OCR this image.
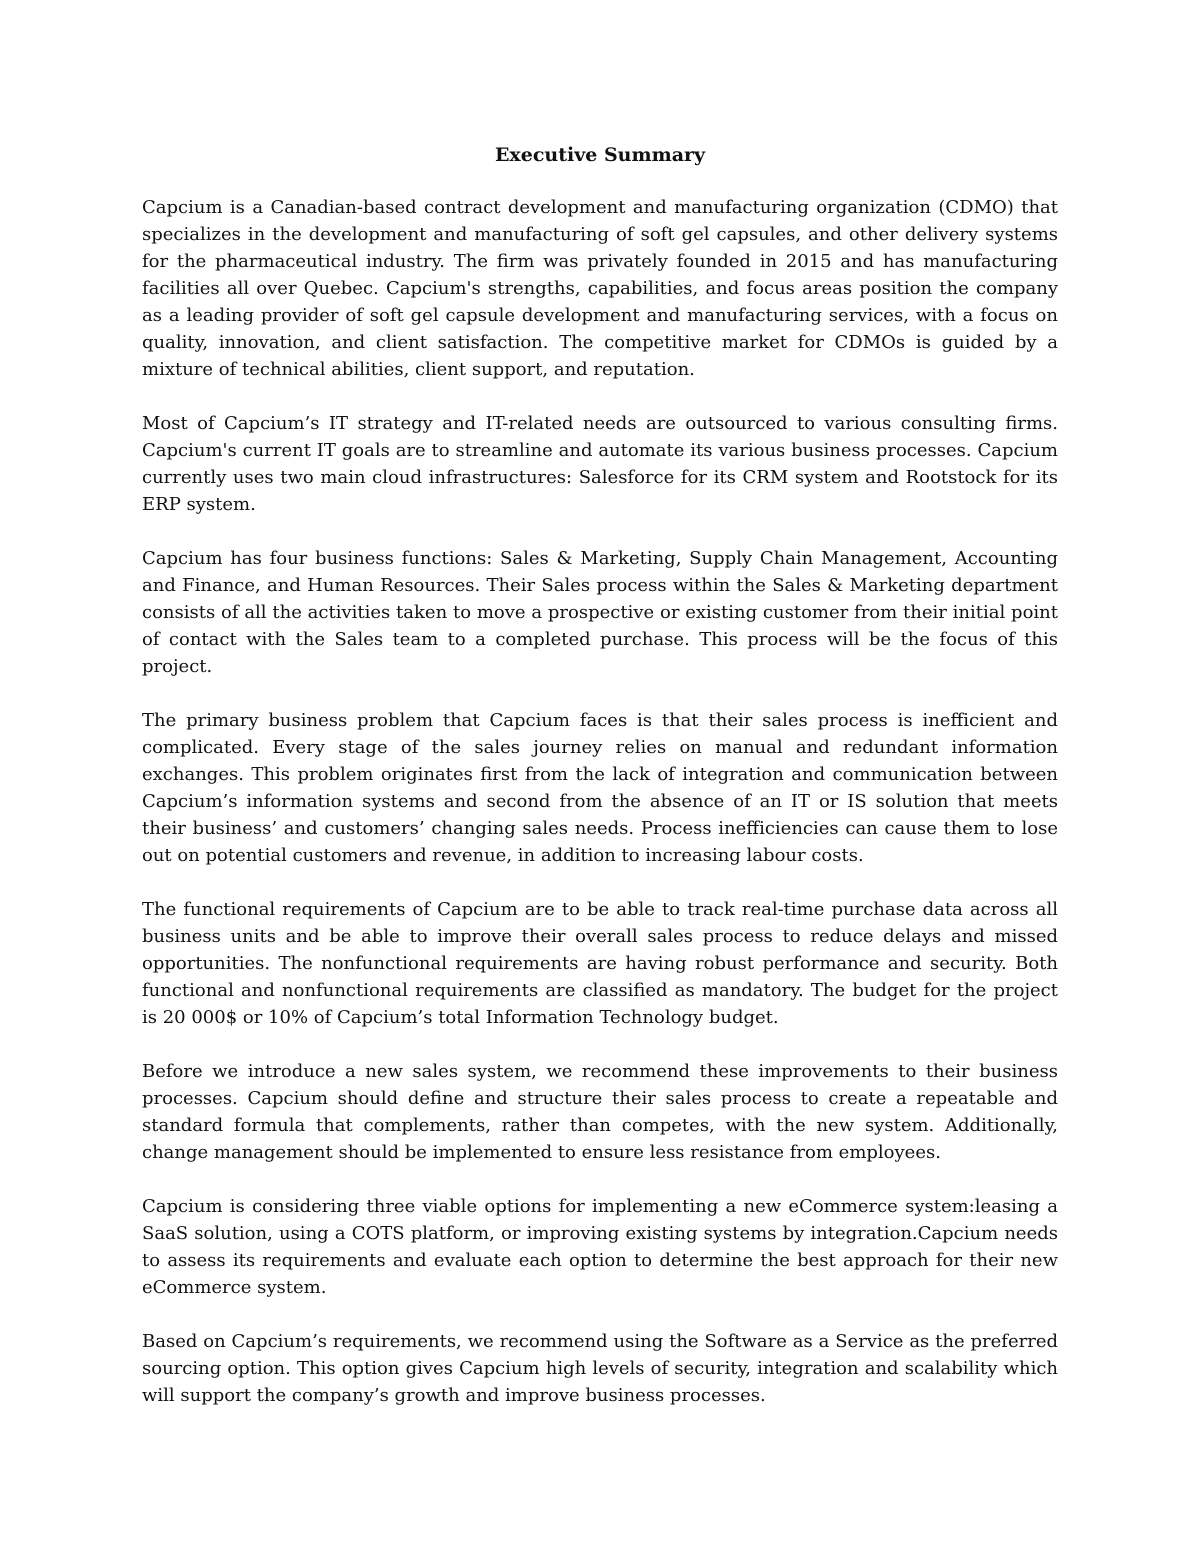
Executive Summary

Capcium is a Canadian-based contract development and manufacturing organization (CDMO) that specializes in the development and manufacturing of soft gel capsules, and other delivery systems for the pharmaceutical industry. The firm was privately founded in 2015 and has manufacturing facilities all over Quebec. Capcium's strengths, capabilities, and focus areas position the company as a leading provider of soft gel capsule development and manufacturing services, with a focus on quality, innovation, and client satisfaction. The competitive market for CDMOs is guided by a mixture of technical abilities, client support, and reputation.

Most of Capcium’s IT strategy and IT-related needs are outsourced to various consulting firms. Capcium's current IT goals are to streamline and automate its various business processes. Capcium currently uses two main cloud infrastructures: Salesforce for its CRM system and Rootstock for its ERP system.

Capcium has four business functions: Sales & Marketing, Supply Chain Management, Accounting and Finance, and Human Resources. Their Sales process within the Sales & Marketing department consists of all the activities taken to move a prospective or existing customer from their initial point of contact with the Sales team to a completed purchase. This process will be the focus of this project.

The primary business problem that Capcium faces is that their sales process is inefficient and complicated. Every stage of the sales journey relies on manual and redundant information exchanges. This problem originates first from the lack of integration and communication between Capcium’s information systems and second from the absence of an IT or IS solution that meets their business’ and customers’ changing sales needs. Process inefficiencies can cause them to lose out on potential customers and revenue, in addition to increasing labour costs.

The functional requirements of Capcium are to be able to track real-time purchase data across all business units and be able to improve their overall sales process to reduce delays and missed opportunities. The nonfunctional requirements are having robust performance and security. Both functional and nonfunctional requirements are classified as mandatory. The budget for the project is 20 000$ or 10% of Capcium’s total Information Technology budget.

Before we introduce a new sales system, we recommend these improvements to their business processes. Capcium should define and structure their sales process to create a repeatable and standard formula that complements, rather than competes, with the new system. Additionally, change management should be implemented to ensure less resistance from employees.

Capcium is considering three viable options for implementing a new eCommerce system:leasing a SaaS solution, using a COTS platform, or improving existing systems by integration.Capcium needs to assess its requirements and evaluate each option to determine the best approach for their new eCommerce system.

Based on Capcium’s requirements, we recommend using the Software as a Service as the preferred sourcing option. This option gives Capcium high levels of security, integration and scalability which will support the company’s growth and improve business processes.
